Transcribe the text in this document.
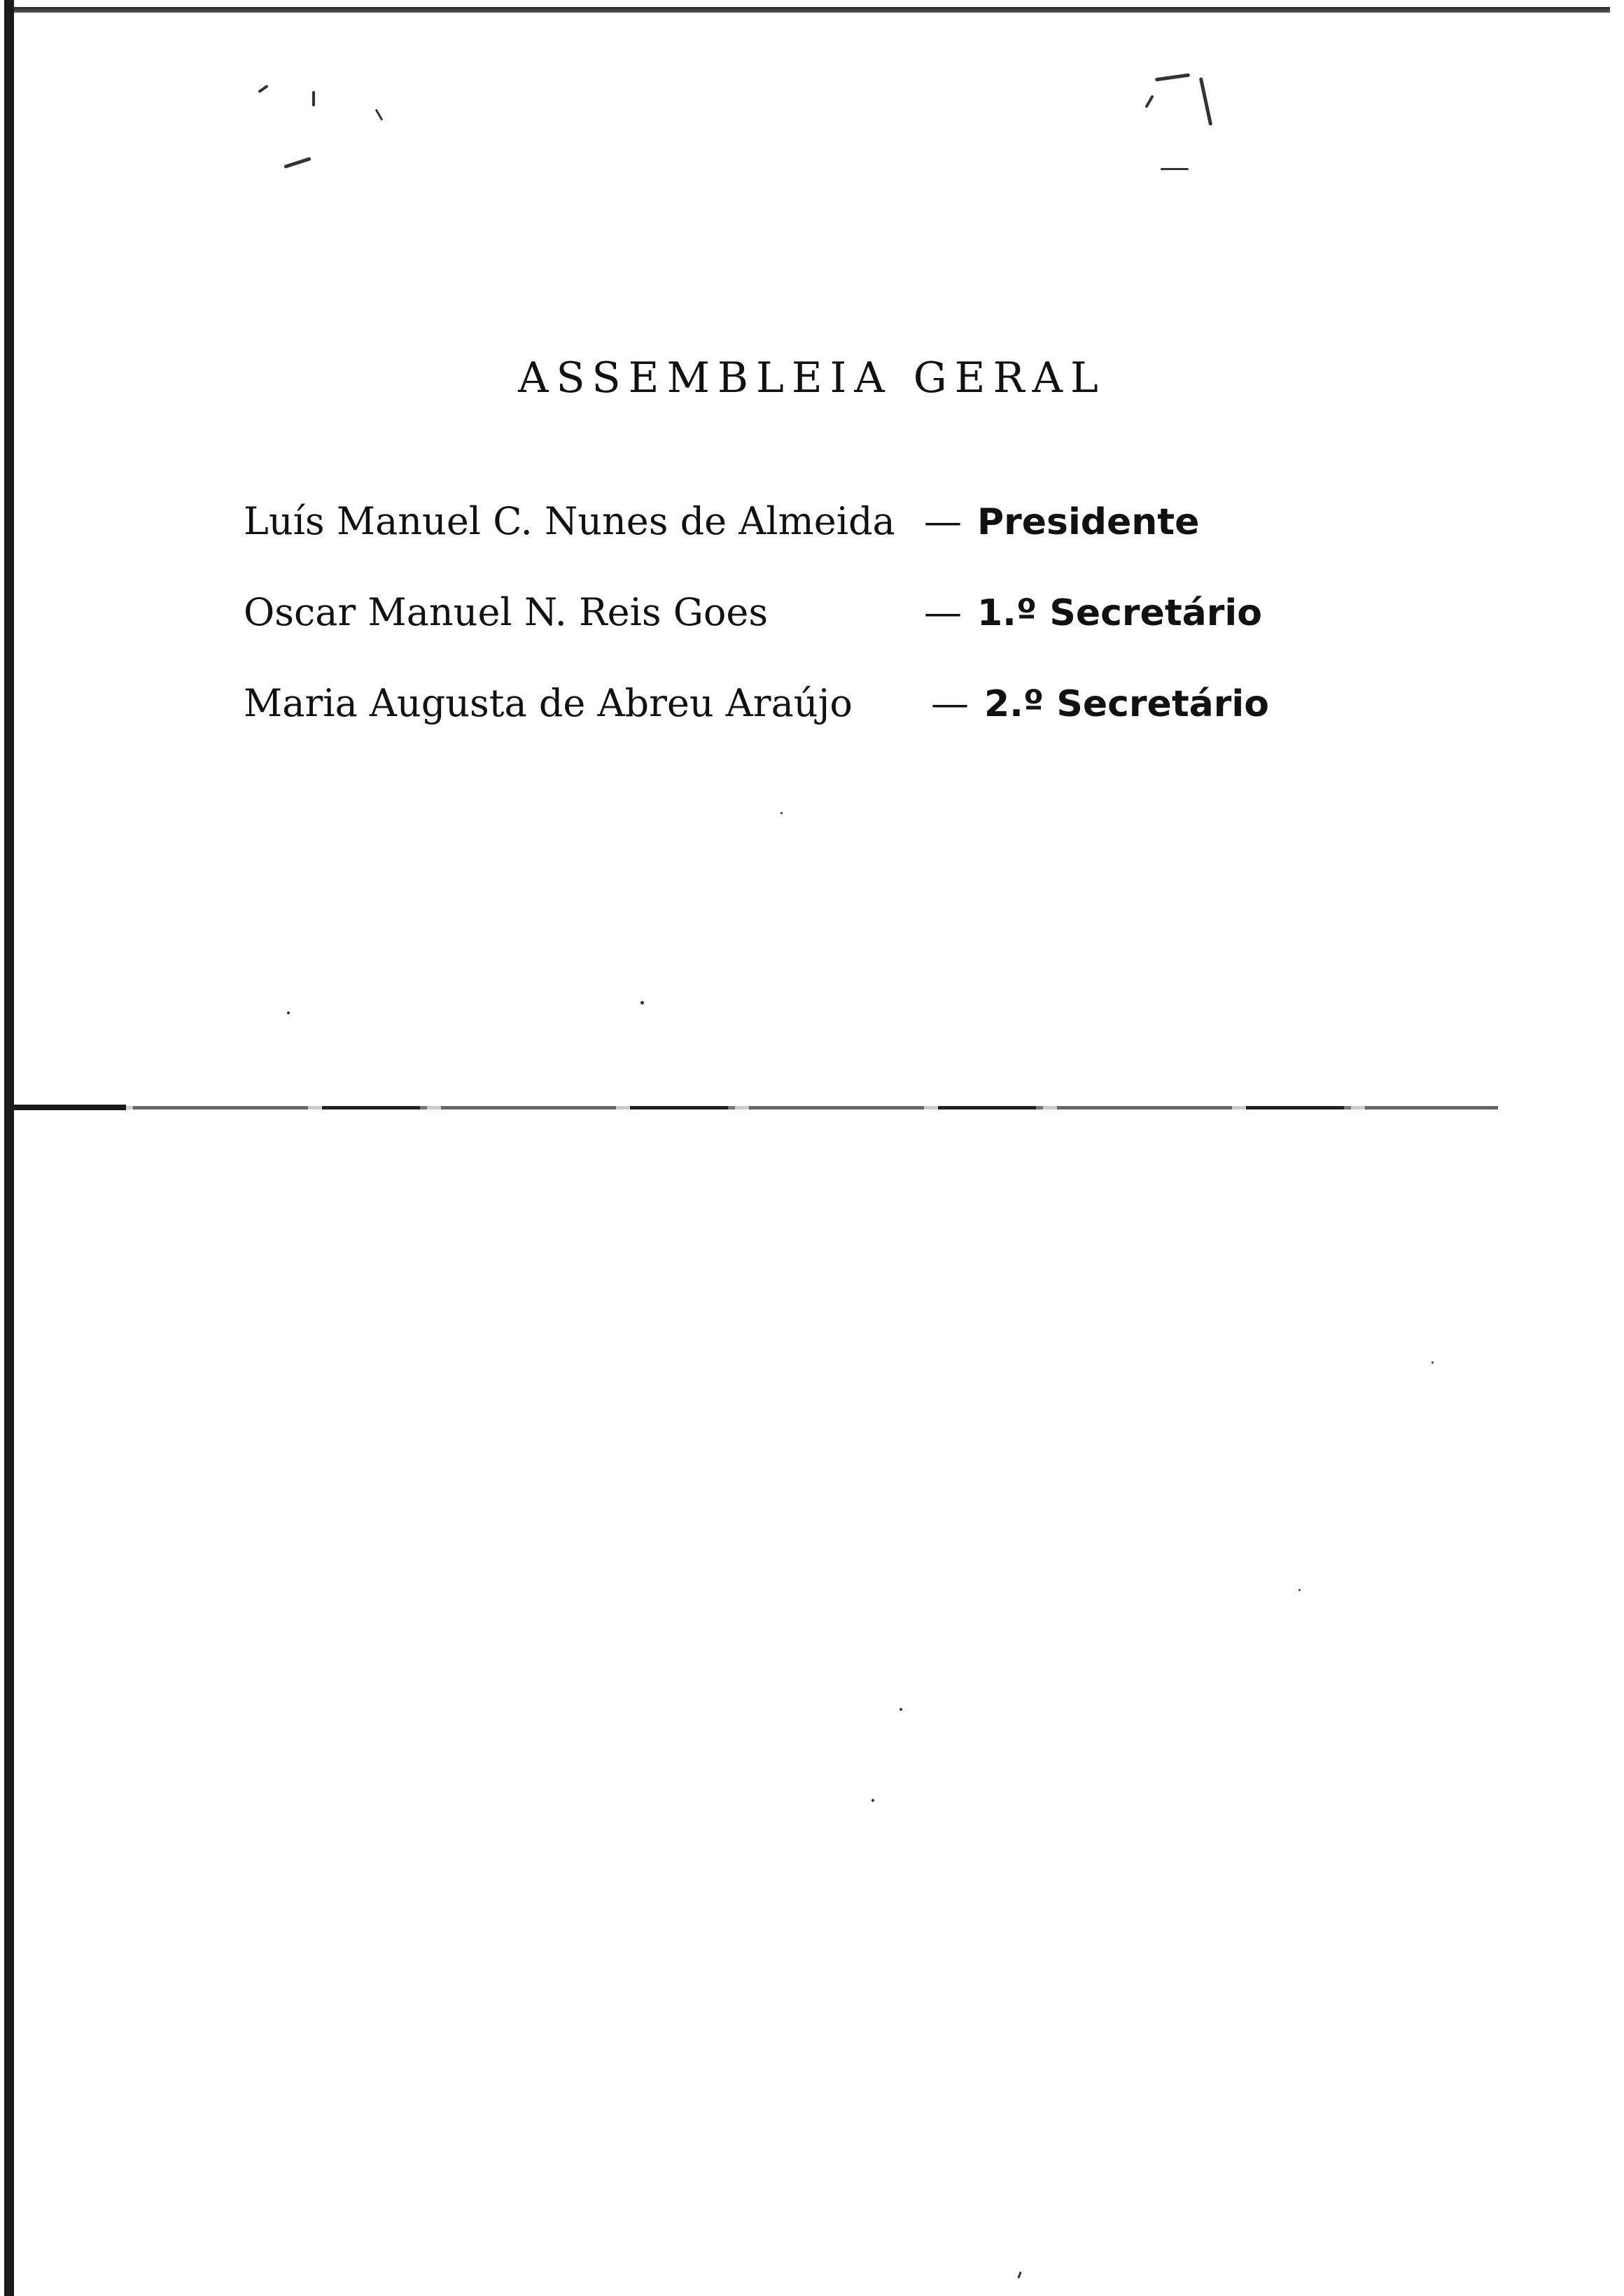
ASSEMBLEIA GERAL
Luís Manuel C. Nunes de Almeida — Presidente
Oscar Manuel N. Reis Goes	— 1.º Secretário
Maria Augusta de Abreu Araújo — 2.º Secretário
